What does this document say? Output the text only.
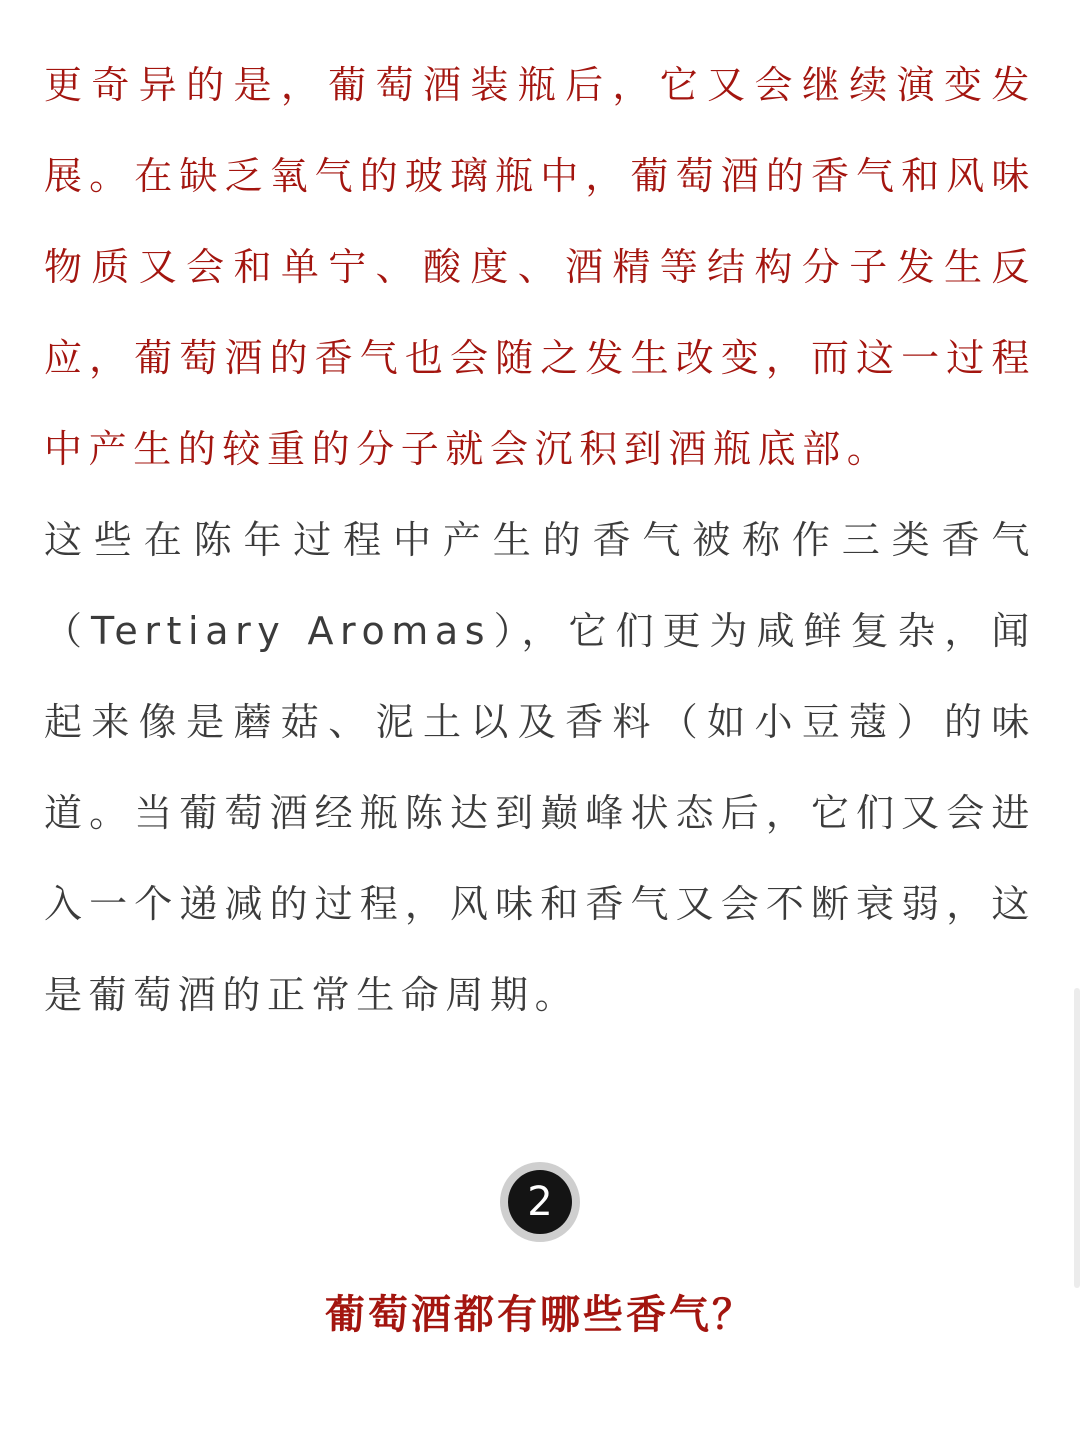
更奇异的是，葡萄酒装瓶后，它又会继续演变发展。在缺乏氧气的玻璃瓶中，葡萄酒的香气和风味物质又会和单宁、酸度、酒精等结构分子发生反应，葡萄酒的香气也会随之发生改变，而这一过程中产生的较重的分子就会沉积到酒瓶底部。

这些在陈年过程中产生的香气被称作三类香气（Tertiary Aromas），它们更为咸鲜复杂，闻起来像是蘑菇、泥土以及香料（如小豆蔻）的味道。当葡萄酒经瓶陈达到巅峰状态后，它们又会进入一个递减的过程，风味和香气又会不断衰弱，这是葡萄酒的正常生命周期。

2
葡萄酒都有哪些香气？
